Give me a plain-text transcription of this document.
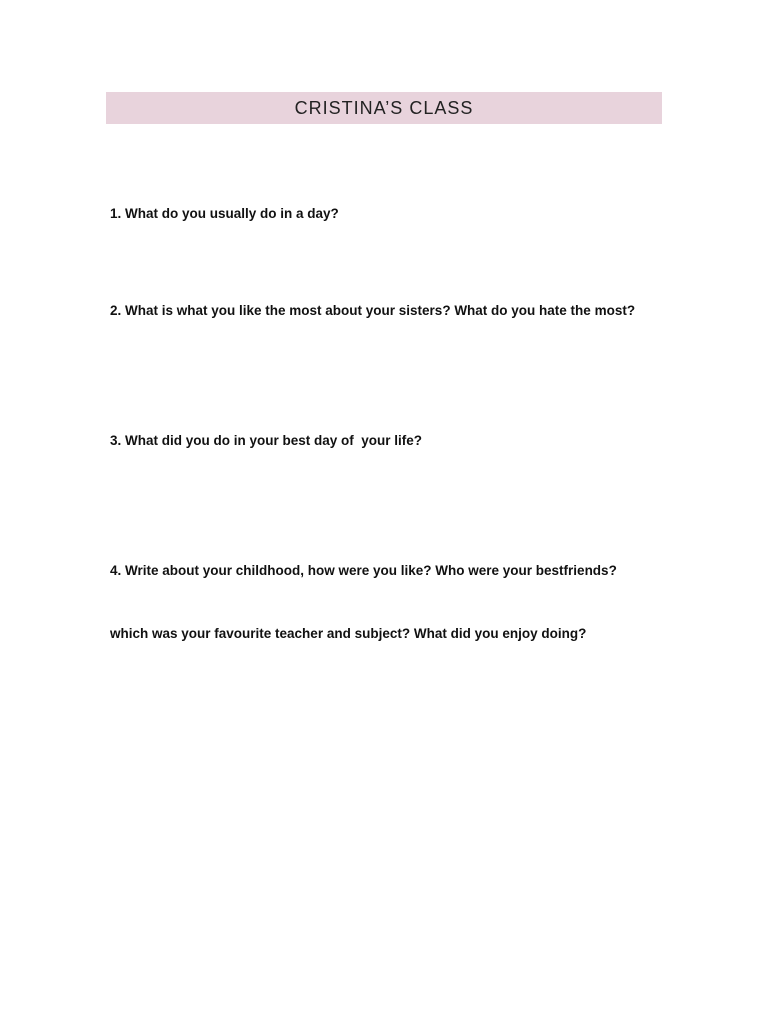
CRISTINA’S CLASS

1. What do you usually do in a day?

2. What is what you like the most about your sisters? What do you hate the most?

3. What did you do in your best day of  your life?

4. Write about your childhood, how were you like? Who were your bestfriends?

which was your favourite teacher and subject? What did you enjoy doing?
